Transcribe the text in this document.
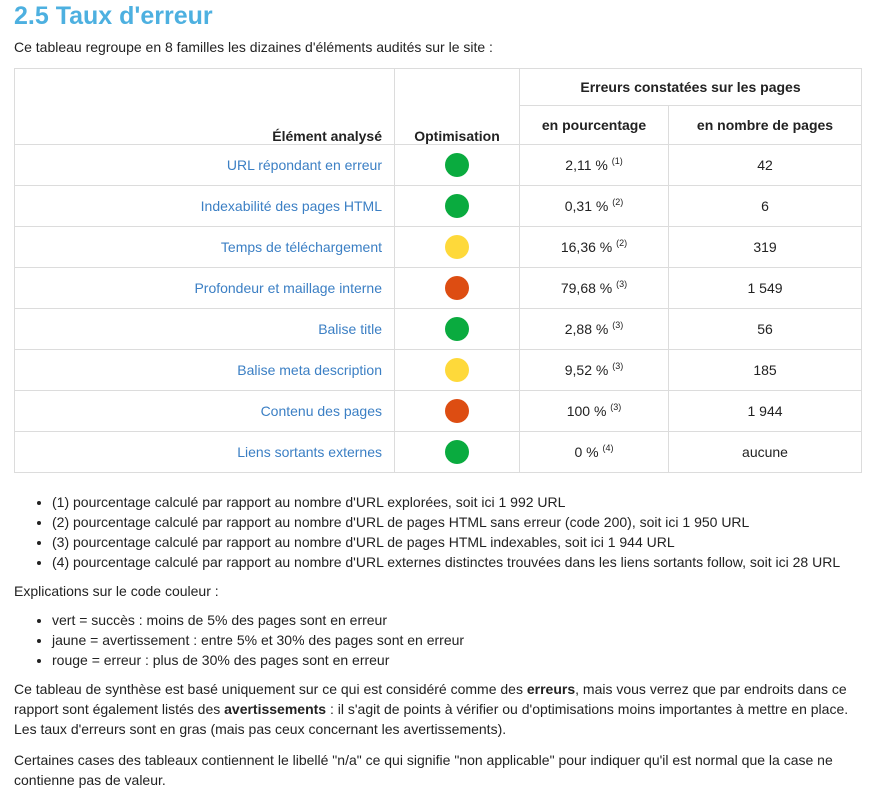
2.5 Taux d'erreur

Ce tableau regroupe en 8 familles les dizaines d'éléments audités sur le site :

Élément analysé	Optimisation	Erreurs constatées sur les pages	
		en pourcentage	en nombre de pages
URL répondant en erreur		2,11 % $^{(1)}$	42
Indexabilité des pages HTML		0,31 % $^{(2)}$	6
Temps de téléchargement		16,36 % $^{(2)}$	319
Profondeur et maillage interne		79,68 % $^{(3)}$	1 549
Balise title		2,88 % $^{(3)}$	56
Balise meta description		9,52 % $^{(3)}$	185
Contenu des pages		100 % $^{(3)}$	1 944
Liens sortants externes		0 % $^{(4)}$	aucune
• (1) pourcentage calculé par rapport au nombre d'URL explorées, soit ici 1 992 URL
• (2) pourcentage calculé par rapport au nombre d'URL de pages HTML sans erreur (code 200), soit ici 1 950 URL
• (3) pourcentage calculé par rapport au nombre d'URL de pages HTML indexables, soit ici 1 944 URL
• (4) pourcentage calculé par rapport au nombre d'URL externes distinctes trouvées dans les liens sortants follow, soit ici 28 URL

Explications sur le code couleur :

• vert = succès : moins de 5% des pages sont en erreur
• jaune = avertissement : entre 5% et 30% des pages sont en erreur
• rouge = erreur : plus de 30% des pages sont en erreur

Ce tableau de synthèse est basé uniquement sur ce qui est considéré comme des erreurs, mais vous verrez que par endroits dans ce rapport sont également listés des avertissements : il s'agit de points à vérifier ou d'optimisations moins importantes à mettre en place. Les taux d'erreurs sont en gras (mais pas ceux concernant les avertissements).

Certaines cases des tableaux contiennent le libellé "n/a" ce qui signifie "non applicable" pour indiquer qu'il est normal que la case ne contienne pas de valeur.
